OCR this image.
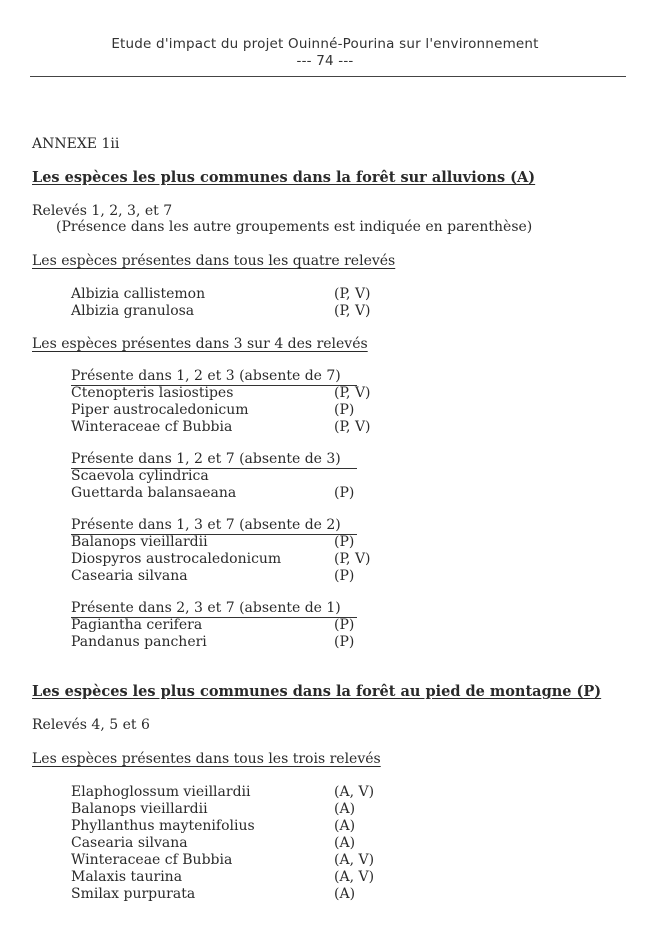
Etude d'impact du projet Ouinné-Pourina sur l'environnement
--- 74 ---
ANNEXE 1ii
Les espèces les plus communes dans la forêt sur alluvions (A)
Relevés 1, 2, 3, et 7
(Présence dans les autre groupements est indiquée en parenthèse)
Les espèces présentes dans tous les quatre relevés
Albizia callistemon	(P, V)
Albizia granulosa	(P, V)
Les espèces présentes dans 3 sur 4 des relevés
Présente dans 1, 2 et 3 (absente de 7)
Ctenopteris lasiostipes	(P, V)
Piper austrocaledonicum	(P)
Winteraceae cf Bubbia	(P, V)
Présente dans 1, 2 et 7 (absente de 3)
Scaevola cylindrica
Guettarda balansaeana	(P)
Présente dans 1, 3 et 7 (absente de 2)
Balanops vieillardii	(P)
Diospyros austrocaledonicum	(P, V)
Casearia silvana	(P)
Présente dans 2, 3 et 7 (absente de 1)
Pagiantha cerifera	(P)
Pandanus pancheri	(P)
Les espèces les plus communes dans la forêt au pied de montagne (P)
Relevés 4, 5 et 6
Les espèces présentes dans tous les trois relevés
Elaphoglossum vieillardii	(A, V)
Balanops vieillardii	(A)
Phyllanthus maytenifolius	(A)
Casearia silvana	(A)
Winteraceae cf Bubbia	(A, V)
Malaxis taurina	(A, V)
Smilax purpurata	(A)
